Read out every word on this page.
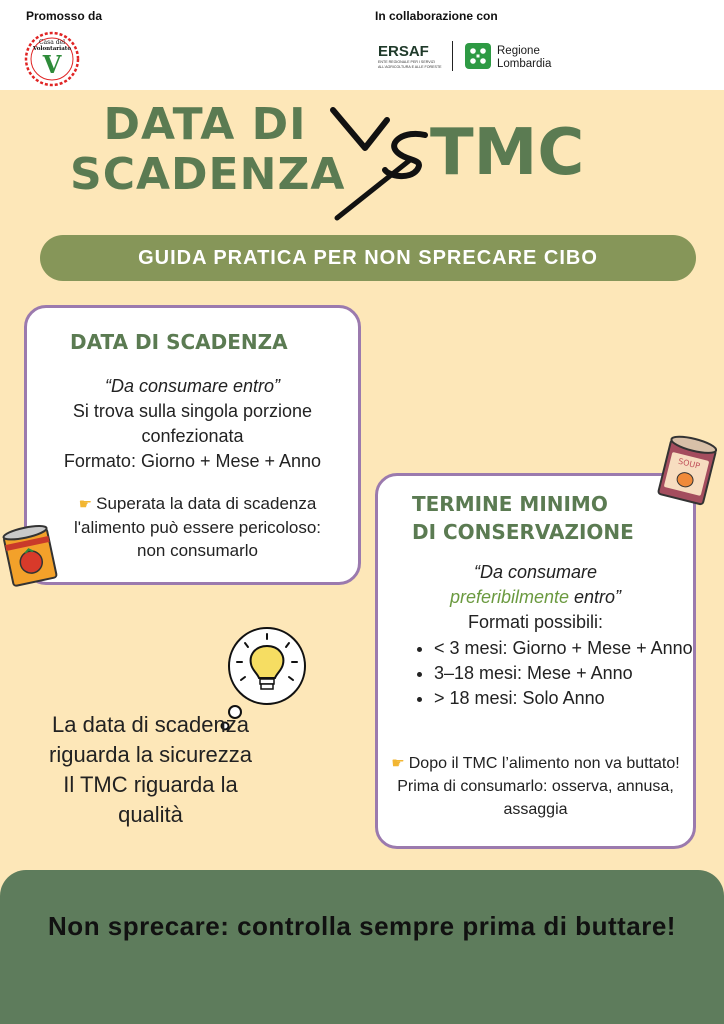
Promosso da	In collaborazione con
Casa del
Volontariato
V	ERSAF
ENTE REGIONALE PER I SERVIZI
ALL'AGRICOLTURA E ALLE FORESTE
Regione
Lombardia
DATA DI
SCADENZA TMC
GUIDA PRATICA PER NON SPRECARE CIBO
DATA DI SCADENZA
“Da consumare entro”
Si trova sulla singola porzione confezionata
Formato: Giorno + Mese + Anno
☛ Superata la data di scadenza l'alimento può essere pericoloso: non consumarlo
TERMINE MINIMO
DI CONSERVAZIONE
“Da consumare
preferibilmente entro”
Formati possibili:
• < 3 mesi: Giorno + Mese + Anno
• 3–18 mesi: Mese + Anno
• > 18 mesi: Solo Anno
☛ Dopo il TMC l’alimento non va buttato!
Prima di consumarlo: osserva, annusa, assaggia
SOUP
La data di scadenza riguarda la sicurezza
Il TMC riguarda la qualità
Non sprecare: controlla sempre prima di buttare!
